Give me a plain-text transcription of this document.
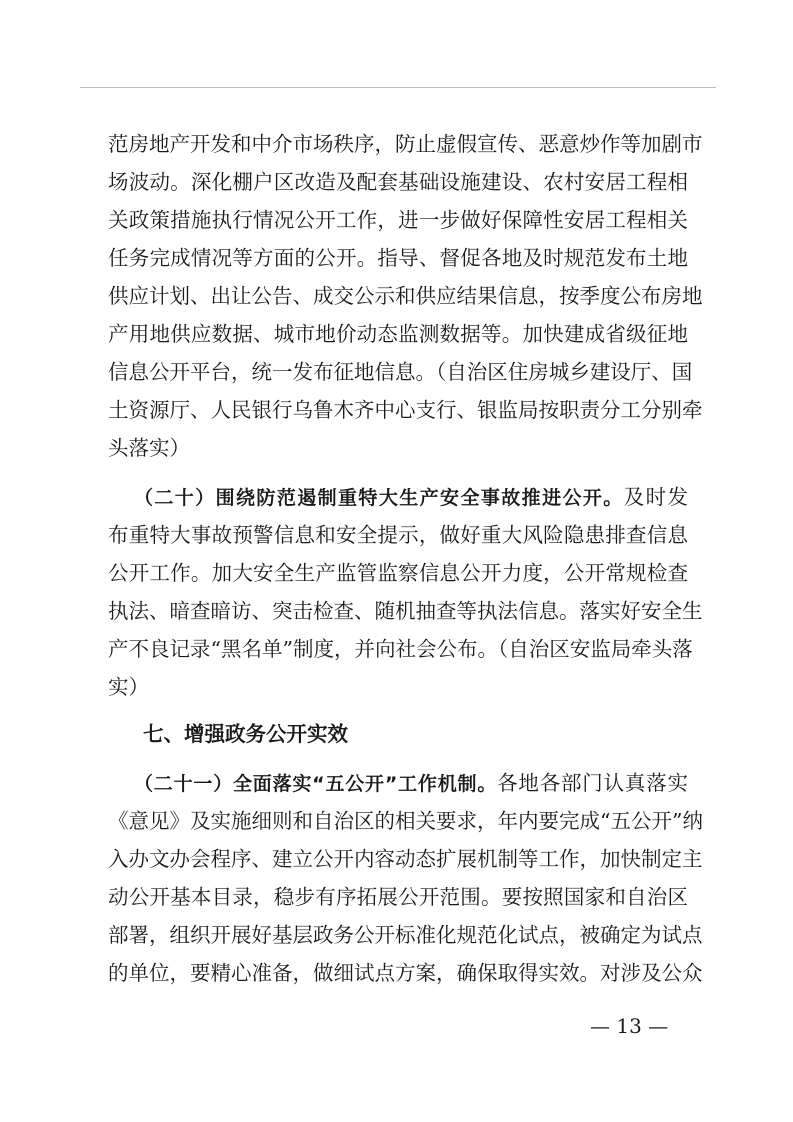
范房地产开发和中介市场秩序，防止虚假宣传、恶意炒作等加剧市
场波动。深化棚户区改造及配套基础设施建设、农村安居工程相
关政策措施执行情况公开工作，进一步做好保障性安居工程相关
任务完成情况等方面的公开。指导、督促各地及时规范发布土地
供应计划、出让公告、成交公示和供应结果信息，按季度公布房地
产用地供应数据、城市地价动态监测数据等。加快建成省级征地
信息公开平台，统一发布征地信息。（自治区住房城乡建设厅、国
土资源厅、人民银行乌鲁木齐中心支行、银监局按职责分工分别牵
头落实）
（二十）围绕防范遏制重特大生产安全事故推进公开。及时发
布重特大事故预警信息和安全提示，做好重大风险隐患排查信息
公开工作。加大安全生产监管监察信息公开力度，公开常规检查
执法、暗查暗访、突击检查、随机抽查等执法信息。落实好安全生
产不良记录“黑名单”制度，并向社会公布。（自治区安监局牵头落
实）
七、增强政务公开实效
（二十一）全面落实“五公开”工作机制。各地各部门认真落实
《意见》及实施细则和自治区的相关要求，年内要完成“五公开”纳
入办文办会程序、建立公开内容动态扩展机制等工作，加快制定主
动公开基本目录，稳步有序拓展公开范围。要按照国家和自治区
部署，组织开展好基层政务公开标准化规范化试点，被确定为试点
的单位，要精心准备，做细试点方案，确保取得实效。对涉及公众
— 13 —
